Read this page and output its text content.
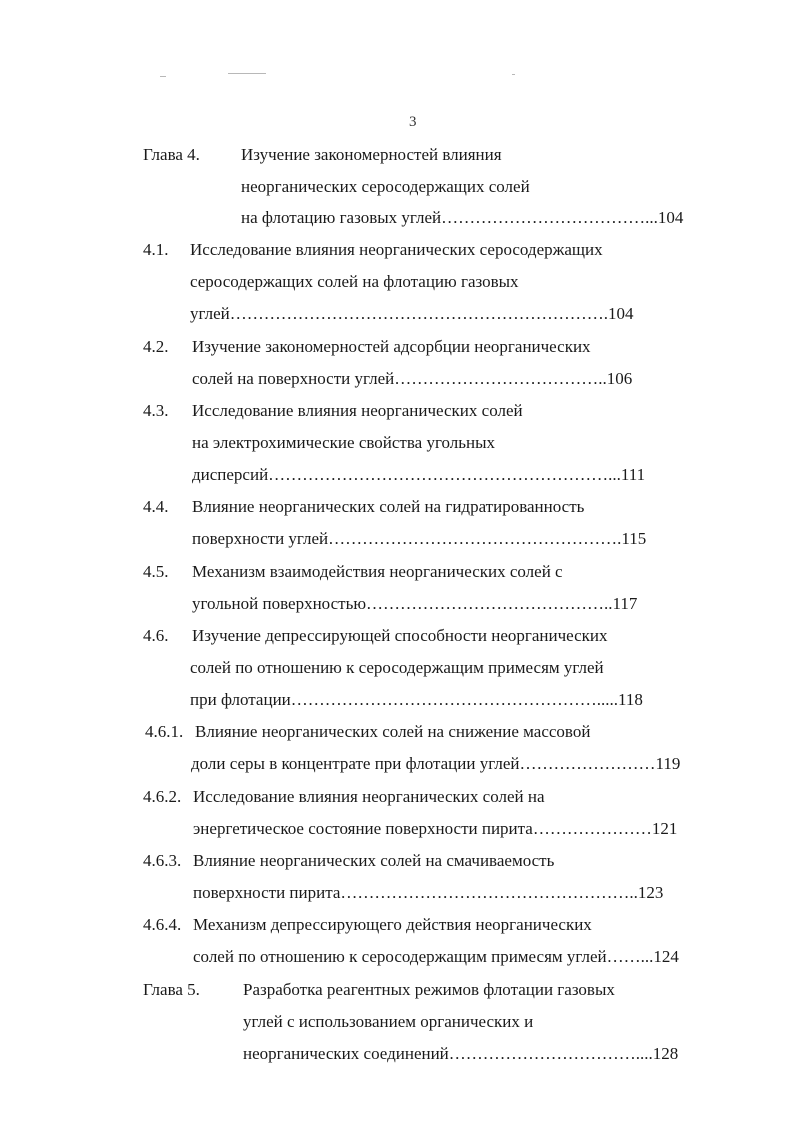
3
Глава 4. Изучение закономерностей влияния
неорганических серосодержащих солей
на флотацию газовых углей………………………………...104
4.1. Исследование влияния неорганических серосодержащих
серосодержащих солей на флотацию газовых
углей………………………………………………………….104
4.2. Изучение закономерностей адсорбции неорганических
солей на поверхности углей………………………………..106
4.3. Исследование влияния неорганических солей
на электрохимические свойства угольных
дисперсий……………………………………………………...111
4.4. Влияние неорганических солей на гидратированность
поверхности углей…………………………………………….115
4.5. Механизм взаимодействия неорганических солей с
угольной поверхностью……………………………………..117
4.6. Изучение депрессирующей способности неорганических
солей по отношению к серосодержащим примесям углей
при флотации……………………………………………….....118
4.6.1. Влияние неорганических солей на снижение массовой
доли серы в концентрате при флотации углей……………………119
4.6.2. Исследование влияния неорганических солей на
энергетическое состояние поверхности пирита…………………121
4.6.3. Влияние неорганических солей на смачиваемость
поверхности пирита……………………………………………..123
4.6.4. Механизм депрессирующего действия неорганических
солей по отношению к серосодержащим примесям углей……...124
Глава 5.	Разработка реагентных режимов флотации газовых
углей с использованием органических и
неорганических соединений……………………………....128
